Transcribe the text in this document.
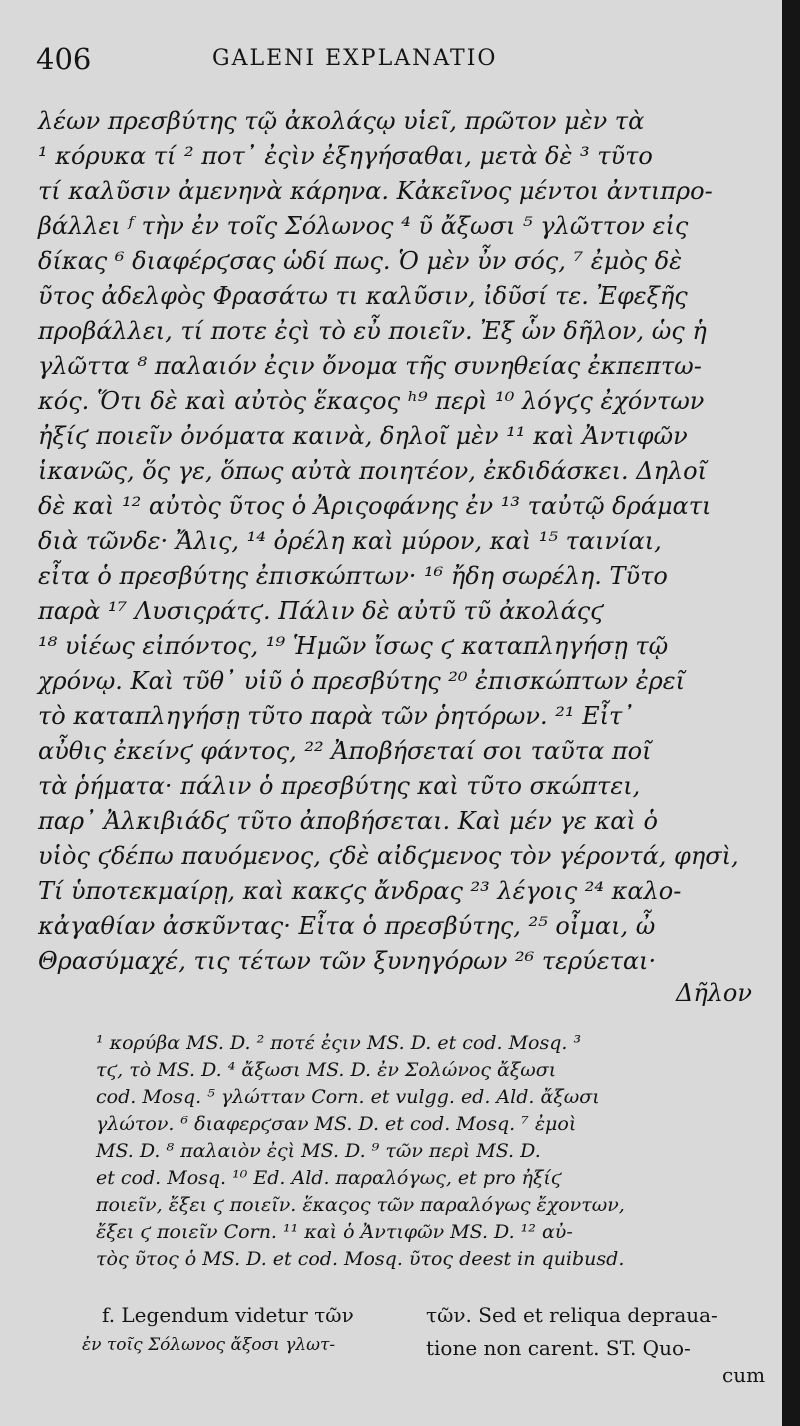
406	GALENI EXPLANATIO
λέων πρεσβύτης τῷ ἀκολάςῳ υἱεῖ, πρῶτον μὲν τὰ
¹ κόρυκα τί ² ποτ᾽ ἐςὶν ἐξηγήσαθαι, μετὰ δὲ ³ τῦτο
τί καλῦσιν ἀμενηνὰ κάρηνα. Κἀκεῖνος μέντοι ἀντιπρο-
βάλλει ᶠ τὴν ἐν τοῖς Σόλωνος ⁴ ῦ ἄξωσι ⁵ γλῶττον εἰς
δίκας ⁶ διαφέρϛσας ὡδί πως. Ὁ μὲν ὖν σός, ⁷ ἐμὸς δὲ
ῦτος ἀδελφὸς Φρασάτω τι καλῦσιν, ἰδῦσί τε. Ἐφεξῆς
προβάλλει, τί ποτε ἐςὶ τὸ εὖ ποιεῖν. Ἐξ ὧν δῆλον, ὡς ἡ
γλῶττα ⁸ παλαιόν ἐςιν ὄνομα τῆς συνηθείας ἐκπεπτω-
κός. Ὅτι δὲ καὶ αὐτὸς ἕκαςος ʰ⁹ περὶ ¹⁰ λόγϛς ἐχόντων
ἠξίϛ ποιεῖν ὀνόματα καινὰ, δηλοῖ μὲν ¹¹ καὶ Ἀντιφῶν
ἱκανῶς, ὅς γε, ὅπως αὐτὰ ποιητέον, ἐκδιδάσκει. Δηλοῖ
δὲ καὶ ¹² αὐτὸς ῦτος ὁ Ἀριςοφάνης ἐν ¹³ ταὐτῷ δράματι
διὰ τῶνδε· Ἄλις, ¹⁴ ὀρέλη καὶ μύρον, καὶ ¹⁵ ταινίαι,
εἶτα ὁ πρεσβύτης ἐπισκώπτων· ¹⁶ ἤδη σωρέλη. Τῦτο
παρὰ ¹⁷ Λυσιςράτϛ. Πάλιν δὲ αὐτῦ τῦ ἀκολάςϛ
¹⁸ υἱέως εἰπόντος, ¹⁹ Ἡμῶν ἴσως ϛ καταπληγήσῃ τῷ
χρόνῳ. Καὶ τῦθ᾽ υἱῦ ὁ πρεσβύτης ²⁰ ἐπισκώπτων ἐρεῖ
τὸ καταπληγήσῃ τῦτο παρὰ τῶν ῥητόρων. ²¹ Εἶτ᾽
αὖθις ἐκείνϛ φάντος, ²² Ἀποβήσεταί σοι ταῦτα ποῖ
τὰ ῥήματα· πάλιν ὁ πρεσβύτης καὶ τῦτο σκώπτει,
παρ᾽ Ἀλκιβιάδϛ τῦτο ἀποβήσεται. Καὶ μέν γε καὶ ὁ
υἱὸς ϛδέπω παυόμενος, ϛδὲ αἰδϛμενος τὸν γέροντά, φησὶ,
Τί ὑποτεκμαίρῃ, καὶ κακϛς ἄνδρας ²³ λέγοις ²⁴ καλο-
κἀγαθίαν ἀσκῦντας· Εἶτα ὁ πρεσβύτης, ²⁵ οἶμαι, ὦ
Θρασύμαχέ, τις τέτων τῶν ξυνηγόρων ²⁶ τερύεται·
Δῆλον
¹ κορύβα MS. D. ² ποτέ ἐςιν MS. D. et cod. Mosq. ³
τϛ, τὸ MS. D. ⁴ ἄξωσι MS. D. ἐν Σολώνος ἄξωσι
cod. Mosq. ⁵ γλώτταν Corn. et vulgg. ed. Ald. ἄξωσι
γλώτον. ⁶ διαφερϛσαν MS. D. et cod. Mosq. ⁷ ἐμοὶ
MS. D. ⁸ παλαιὸν ἐςὶ MS. D. ⁹ τῶν περὶ MS. D.
et cod. Mosq. ¹⁰ Ed. Ald. παραλόγως, et pro ἠξίϛ
ποιεῖν, ἔξει ϛ ποιεῖν. ἕκαςος τῶν παραλόγως ἔχοντων,
ἔξει ϛ ποιεῖν Corn. ¹¹ καὶ ὁ Ἀντιφῶν MS. D. ¹² αὐ-
τὸς ῦτος ὁ MS. D. et cod. Mosq. ῦτος deest in quibusd.
f. Legendum videtur τῶν
ἐν τοῖς Σόλωνος ἄξοσι γλωτ-
τῶν. Sed et reliqua deprauа-
tione non carent. ST. Quo-
cum
